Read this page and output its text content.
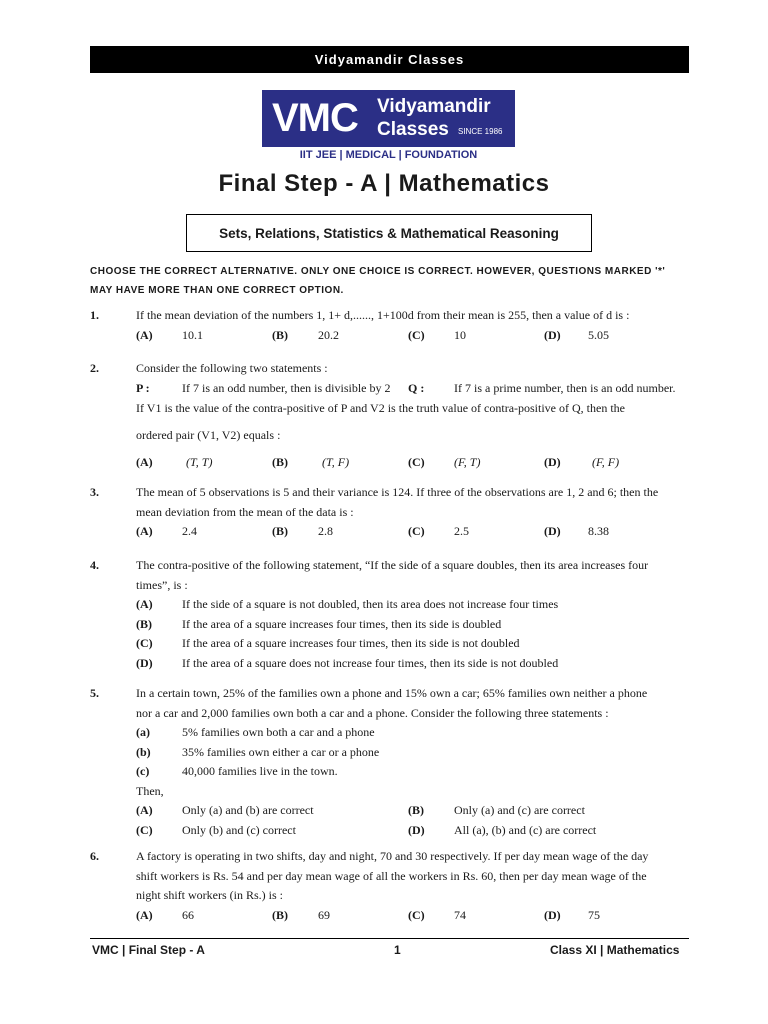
Vidyamandir Classes
VMC Vidyamandir
Classes SINCE 1986
IIT JEE | MEDICAL | FOUNDATION
Final Step - A | Mathematics
Sets, Relations, Statistics & Mathematical Reasoning
CHOOSE THE CORRECT ALTERNATIVE. ONLY ONE CHOICE IS CORRECT. HOWEVER, QUESTIONS MARKED '*' MAY HAVE MORE THAN ONE CORRECT OPTION.
1.	If the mean deviation of the numbers 1, 1+ d,......, 1+100d from their mean is 255, then a value of d is :
(A) 10.1	(B)	20.2	(C) 10	(D) 5.05
2.	Consider the following two statements :
P :	If 7 is an odd number, then is divisible by 2 Q : If 7 is a prime number, then is an odd number.
If V1 is the value of the contra-positive of P and V2 is the truth value of contra-positive of Q, then the
ordered pair (V1, V2) equals :
(A)	(T, T)	(B)	(T, F)	(C) (F, T)	(D)	(F, F)
3.	The mean of 5 observations is 5 and their variance is 124. If three of the observations are 1, 2 and 6; then the
mean deviation from the mean of the data is :
(A) 2.4	(B)	2.8	(C) 2.5	(D) 8.38
4.	The contra-positive of the following statement, “If the side of a square doubles, then its area increases four
times”, is :
(A) If the side of a square is not doubled, then its area does not increase four times
(B)	If the area of a square increases four times, then its side is doubled
(C) If the area of a square increases four times, then its side is not doubled
(D) If the area of a square does not increase four times, then its side is not doubled
5.	In a certain town, 25% of the families own a phone and 15% own a car; 65% families own neither a phone
nor a car and 2,000 families own both a car and a phone. Consider the following three statements :
(a)	5% families own both a car and a phone
(b)	35% families own either a car or a phone
(c)	40,000 families live in the town.
Then,
(A) Only (a) and (b) are correct	(B)	Only (a) and (c) are correct
(C) Only (b) and (c) correct	(D) All (a), (b) and (c) are correct
6.	A factory is operating in two shifts, day and night, 70 and 30 respectively. If per day mean wage of the day
shift workers is Rs. 54 and per day mean wage of all the workers in Rs. 60, then per day mean wage of the
night shift workers (in Rs.) is :
(A) 66	(B)	69	(C) 74	(D) 75
VMC | Final Step - A	1	Class XI | Mathematics
